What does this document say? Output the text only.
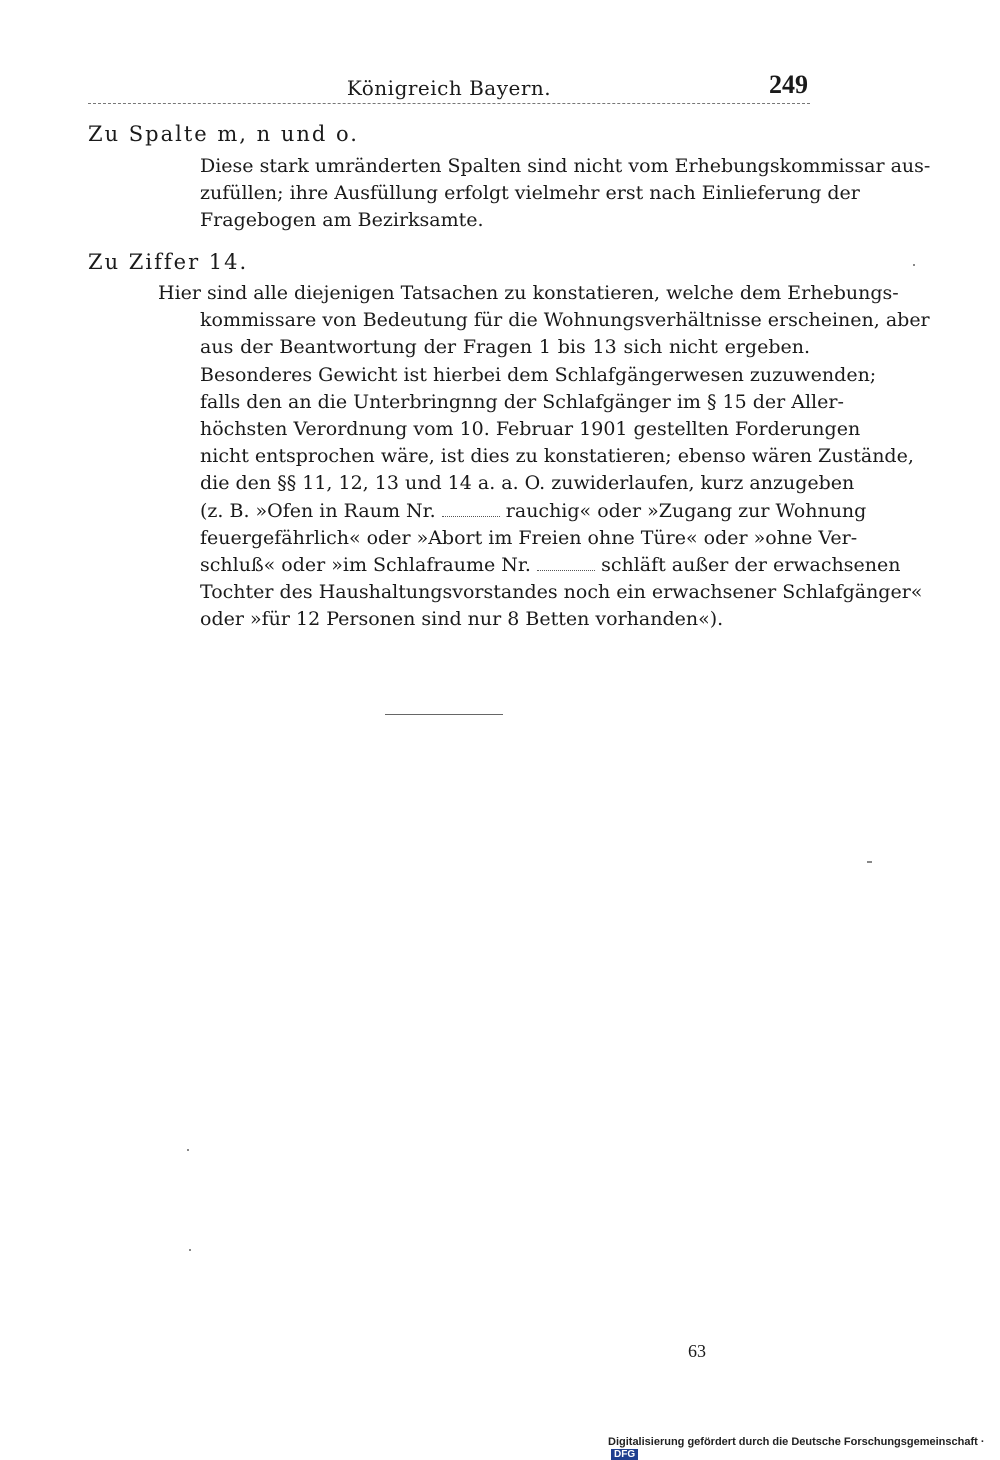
Königreich Bayern.	249
Zu Spalte m, n und o.
Diese stark umränderten Spalten sind nicht vom Erhebungskommissar aus-
zufüllen; ihre Ausfüllung erfolgt vielmehr erst nach Einlieferung der
Fragebogen am Bezirksamte.
Zu Ziffer 14.
Hier sind alle diejenigen Tatsachen zu konstatieren, welche dem Erhebungs-
kommissare von Bedeutung für die Wohnungsverhältnisse erscheinen, aber
aus der Beantwortung der Fragen 1 bis 13 sich nicht ergeben.
Besonderes Gewicht ist hierbei dem Schlafgängerwesen zuzuwenden;
falls den an die Unterbringnng der Schlafgänger im § 15 der Aller-
höchsten Verordnung vom 10. Februar 1901 gestellten Forderungen
nicht entsprochen wäre, ist dies zu konstatieren; ebenso wären Zustände,
die den §§ 11, 12, 13 und 14 a. a. O. zuwiderlaufen, kurz anzugeben
(z. B. »Ofen in Raum Nr.	rauchig« oder »Zugang zur Wohnung
feuergefährlich« oder »Abort im Freien ohne Türe« oder »ohne Ver-
schluß« oder »im Schlafraume Nr.	schläft außer der erwachsenen
Tochter des Haushaltungsvorstandes noch ein erwachsener Schlafgänger«
oder »für 12 Personen sind nur 8 Betten vorhanden«).
63
Digitalisierung gefördert durch die Deutsche Forschungsgemeinschaft ·DFG
